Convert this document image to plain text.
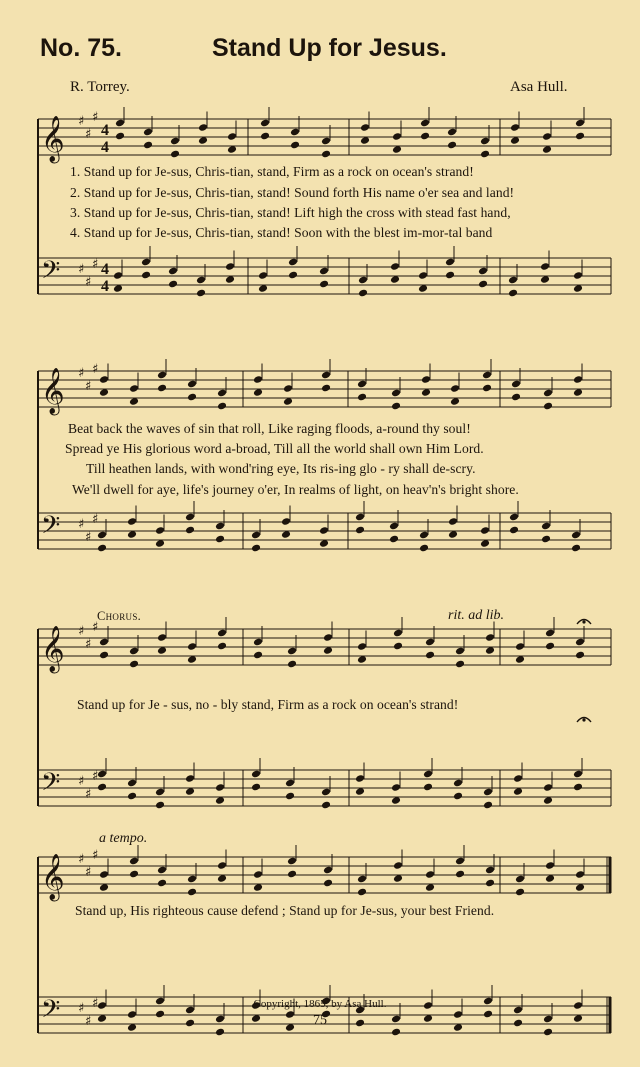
No. 75.	Stand Up for Jesus.
R. Torrey.	Asa Hull.
𝄞 ♯
♯
♯
𝄢 ♯
♯
♯
4
4
4
4
𝄞 ♯
♯
♯
𝄢 ♯
♯
♯
𝄞 ♯
♯
♯
𝄢 ♯
♯
♯
𝄞 ♯
♯
♯
𝄢 ♯
♯
♯
1. Stand up for Je-sus, Chris-tian, stand, Firm as a rock on ocean's strand!
2. Stand up for Je-sus, Chris-tian, stand! Sound forth His name o'er sea and land!
3. Stand up for Je-sus, Chris-tian, stand! Lift high the cross with stead fast hand,
4. Stand up for Je-sus, Chris-tian, stand! Soon with the blest im-mor-tal band
Beat back the waves of sin that roll, Like raging floods, a-round thy soul!
Spread ye His glorious word a-broad, Till all the world shall own Him Lord.
Till heathen lands, with wond'ring eye, Its ris-ing glo - ry shall de-scry.
We'll dwell for aye, life's journey o'er, In realms of light, on heav'n's bright shore.
Chorus.	rit. ad lib.
Stand up for Je - sus, no - bly stand, Firm as a rock on ocean's strand!
a tempo.
Stand up, His righteous cause defend ; Stand up for Je-sus, your best Friend.
Copyright, 1865, by Asa Hull.
75
